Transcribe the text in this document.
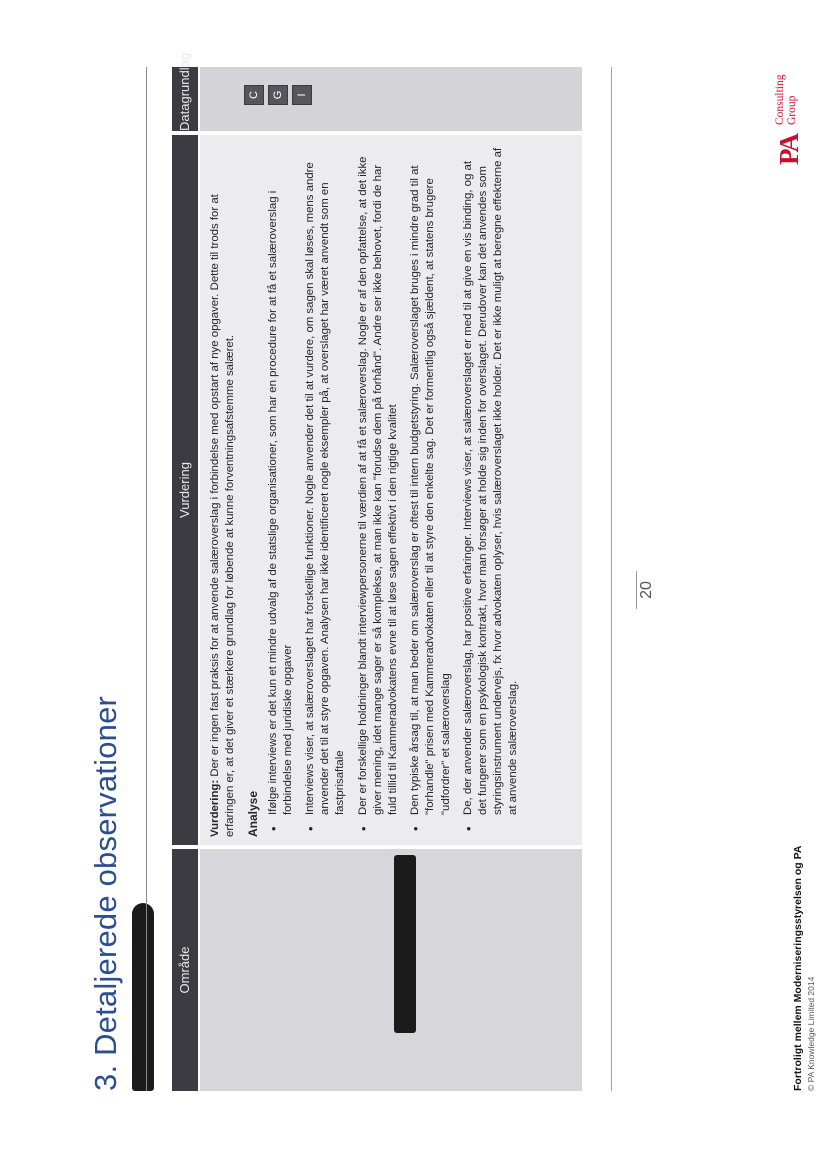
3. Detaljerede observationer	Område
Vurdering
Datagrundlag

Vurdering: Der er ingen fast praksis for at anvende salæroverslag i forbindelse med opstart af nye opgaver. Dette til trods for at erfaringen er, at det giver et stærkere grundlag for løbende at kunne forventningsafstemme salæret. Analyse • Ifølge interviews er det kun et mindre udvalg af de statslige organisationer, som har en procedure for at få et salæroverslag i forbindelse med juridiske opgaver • Interviews viser, at salæroverslaget har forskellige funktioner. Nogle anvender det til at vurdere, om sagen skal løses, mens andre anvender det til at styre opgaven. Analysen har ikke identificeret nogle eksempler på, at overslaget har været anvendt som en fastprisaftale • Der er forskellige holdninger blandt interviewpersonerne til værdien af at få et salæroverslag. Nogle er af den opfattelse, at det ikke giver mening, idet mange sager er så komplekse, at man ikke kan "forudse dem på forhånd". Andre ser ikke behovet, fordi de har fuld tillid til Kammeradvokatens evne til at løse sagen effektivt i den rigtige kvalitet • Den typiske årsag til, at man beder om salæroverslag er oftest til intern budgetstyring. Salæroverslaget bruges i mindre grad til at "forhandle" prisen med Kammeradvokaten eller til at styre den enkelte sag. Det er formentlig også sjældent, at statens brugere "udfordrer" et salæroverslag • De, der anvender salæroverslag, har positive erfaringer. Interviews viser, at salæroverslaget er med til at give en vis binding, og at det fungerer som en psykologisk kontrakt, hvor man forsøger at holde sig inden for overslaget. Derudover kan det anvendes som styringsinstrument undervejs, fx hvor advokaten oplyser, hvis salæroverslaget ikke holder. Det er ikke muligt at beregne effekterne af at anvende salæroverslag.
C	G	I
20
Fortroligt mellem Moderniseringsstyrelsen og PA © PA Knowledge Limited 2014
PA
Consulting
Group
